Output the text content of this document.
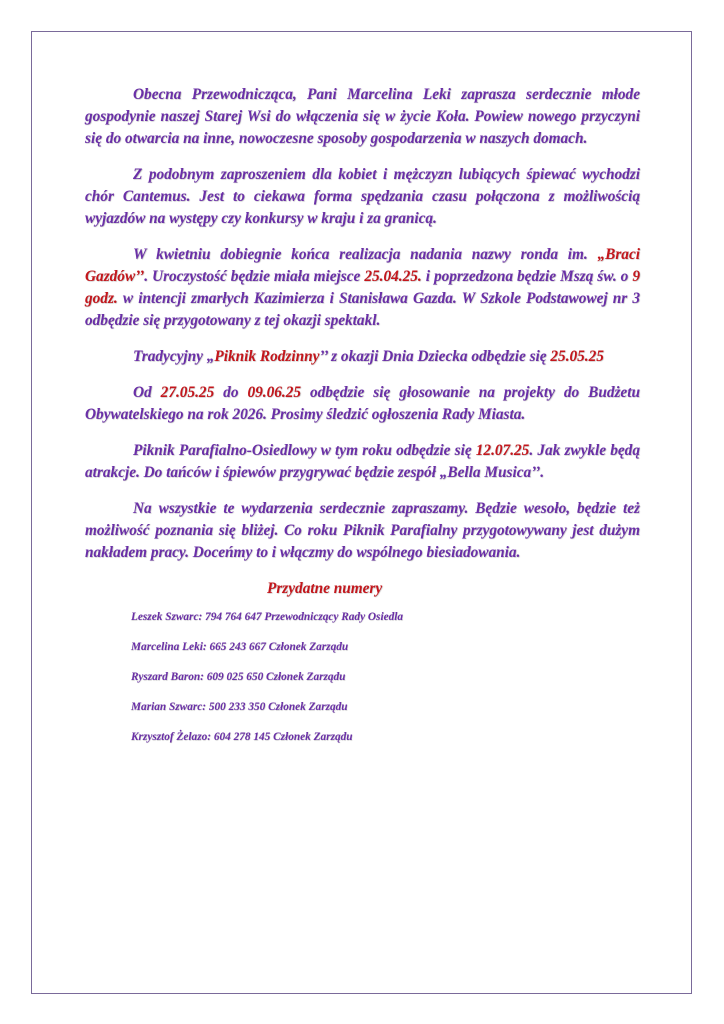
Obecna Przewodnicząca, Pani Marcelina Leki zaprasza serdecznie młode gospodynie naszej Starej Wsi do włączenia się w życie Koła. Powiew nowego przyczyni się do otwarcia na inne, nowoczesne sposoby gospodarzenia w naszych domach.

Z podobnym zaproszeniem dla kobiet i mężczyzn lubiących śpiewać wychodzi chór Cantemus. Jest to ciekawa forma spędzania czasu połączona z możliwością wyjazdów na występy czy konkursy w kraju i za granicą.

W kwietniu dobiegnie końca realizacja nadania nazwy ronda im. „Braci Gazdów’’. Uroczystość będzie miała miejsce 25.04.25. i poprzedzona będzie Mszą św. o 9 godz. w intencji zmarłych Kazimierza i Stanisława Gazda. W Szkole Podstawowej nr 3 odbędzie się przygotowany z tej okazji spektakl.

Tradycyjny „Piknik Rodzinny’’ z okazji Dnia Dziecka odbędzie się 25.05.25

Od 27.05.25 do 09.06.25 odbędzie się głosowanie na projekty do Budżetu Obywatelskiego na rok 2026. Prosimy śledzić ogłoszenia Rady Miasta.

Piknik Parafialno-Osiedlowy w tym roku odbędzie się 12.07.25. Jak zwykle będą atrakcje. Do tańców i śpiewów przygrywać będzie zespół „Bella Musica’’.

Na wszystkie te wydarzenia serdecznie zapraszamy. Będzie wesoło, będzie też możliwość poznania się bliżej. Co roku Piknik Parafialny przygotowywany jest dużym nakładem pracy. Doceńmy to i włączmy do wspólnego biesiadowania.

Przydatne numery
Leszek Szwarc: 794 764 647 Przewodniczący Rady Osiedla
Marcelina Leki: 665 243 667 Członek Zarządu
Ryszard Baron: 609 025 650 Członek Zarządu
Marian Szwarc: 500 233 350 Członek Zarządu
Krzysztof Żelazo: 604 278 145 Członek Zarządu
